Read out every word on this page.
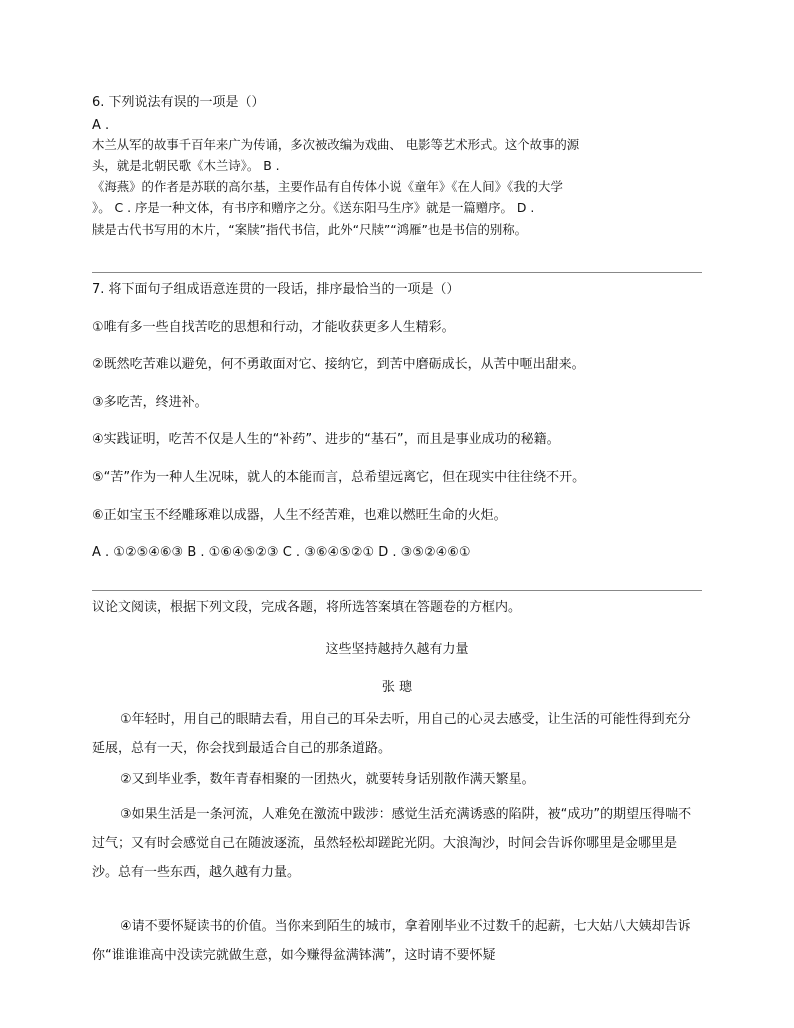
6. 下列说法有误的一项是（）
A .
木兰从军的故事千百年来广为传诵，多次被改编为戏曲、 电影等艺术形式。这个故事的源
头，就是北朝民歌《木兰诗》。 B .
《海燕》的作者是苏联的高尔基，主要作品有自传体小说《童年》《在人间》《我的大学
》。 C . 序是一种文体，有书序和赠序之分。《送东阳马生序》就是一篇赠序。 D .
牍是古代书写用的木片，“案牍”指代书信，此外“尺牍”“鸿雁”也是书信的别称。
7. 将下面句子组成语意连贯的一段话，排序最恰当的一项是（）
①唯有多一些自找苦吃的思想和行动，才能收获更多人生精彩。
②既然吃苦难以避免，何不勇敢面对它、接纳它，到苦中磨砺成长，从苦中咂出甜来。
③多吃苦，终进补。
④实践证明，吃苦不仅是人生的“补药”、进步的“基石”，而且是事业成功的秘籍。
⑤“苦”作为一种人生况味，就人的本能而言，总希望远离它，但在现实中往往绕不开。
⑥正如宝玉不经雕琢难以成器，人生不经苦难，也难以燃旺生命的火炬。
A . ①②⑤④⑥③ B . ①⑥④⑤②③ C . ③⑥④⑤②① D . ③⑤②④⑥①
议论文阅读，根据下列文段，完成各题，将所选答案填在答题卷的方框内。
这些坚持越持久越有力量
张 璁
①年轻时，用自己的眼睛去看，用自己的耳朵去听，用自己的心灵去感受，让生活的可能性得到充分延展，总有一天，你会找到最适合自己的那条道路。
②又到毕业季，数年青春相聚的一团热火，就要转身话别散作满天繁星。
③如果生活是一条河流，人难免在激流中跋涉：感觉生活充满诱惑的陷阱，被“成功”的期望压得喘不过气；又有时会感觉自己在随波逐流，虽然轻松却蹉跎光阴。大浪淘沙，时间会告诉你哪里是金哪里是沙。总有一些东西，越久越有力量。
④请不要怀疑读书的价值。当你来到陌生的城市，拿着刚毕业不过数千的起薪，七大姑八大姨却告诉你“谁谁谁高中没读完就做生意，如今赚得盆满钵满”，这时请不要怀疑
